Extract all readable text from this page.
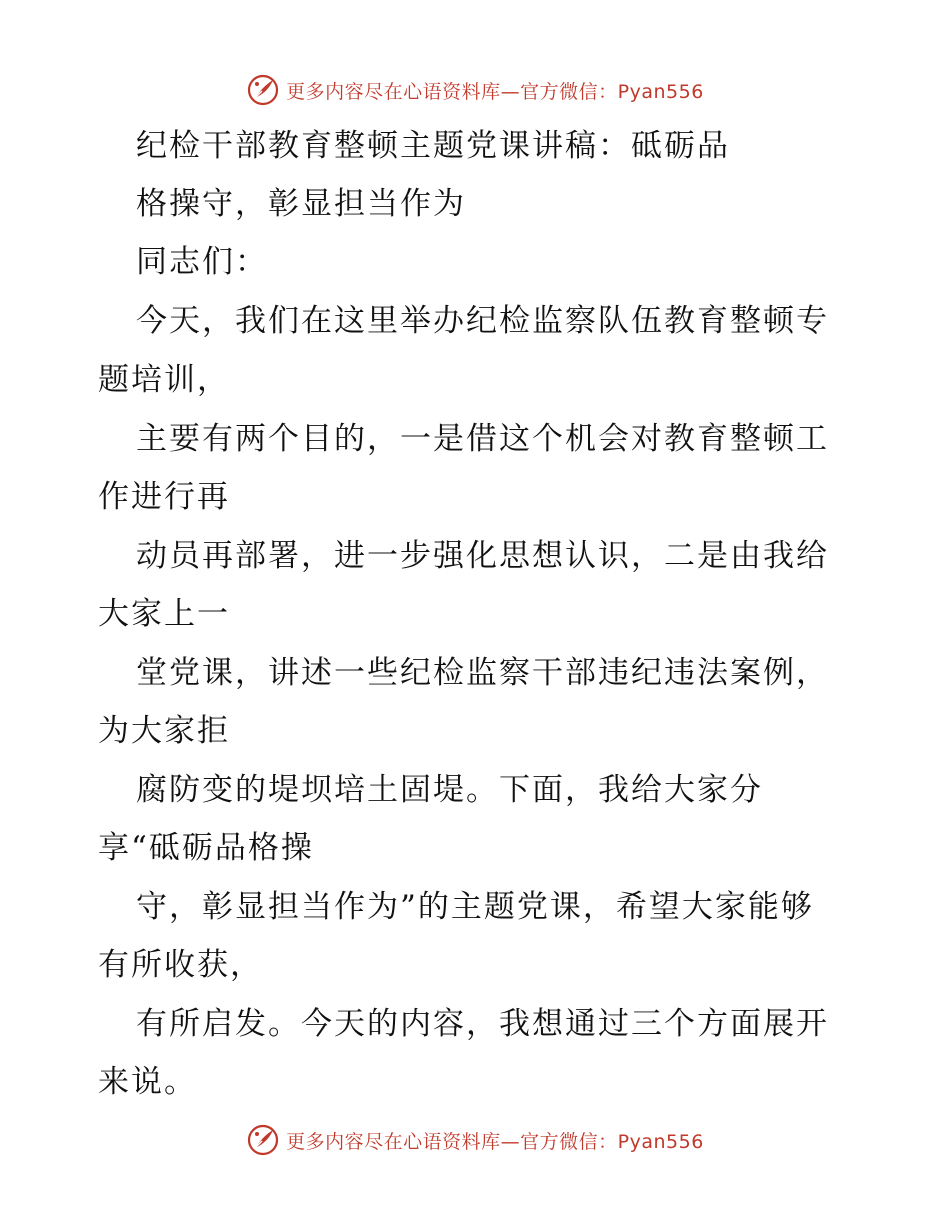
更多内容尽在心语资料库—官方微信：Pyan556
纪检干部教育整顿主题党课讲稿：砥砺品
格操守，彰显担当作为
同志们：
今天，我们在这里举办纪检监察队伍教育整顿专
题培训，
主要有两个目的，一是借这个机会对教育整顿工
作进行再
动员再部署，进一步强化思想认识，二是由我给
大家上一
堂党课，讲述一些纪检监察干部违纪违法案例，
为大家拒
腐防变的堤坝培土固堤。下面，我给大家分
享“砥砺品格操
守，彰显担当作为”的主题党课，希望大家能够
有所收获，
有所启发。今天的内容，我想通过三个方面展开
来说。
更多内容尽在心语资料库—官方微信：Pyan556
